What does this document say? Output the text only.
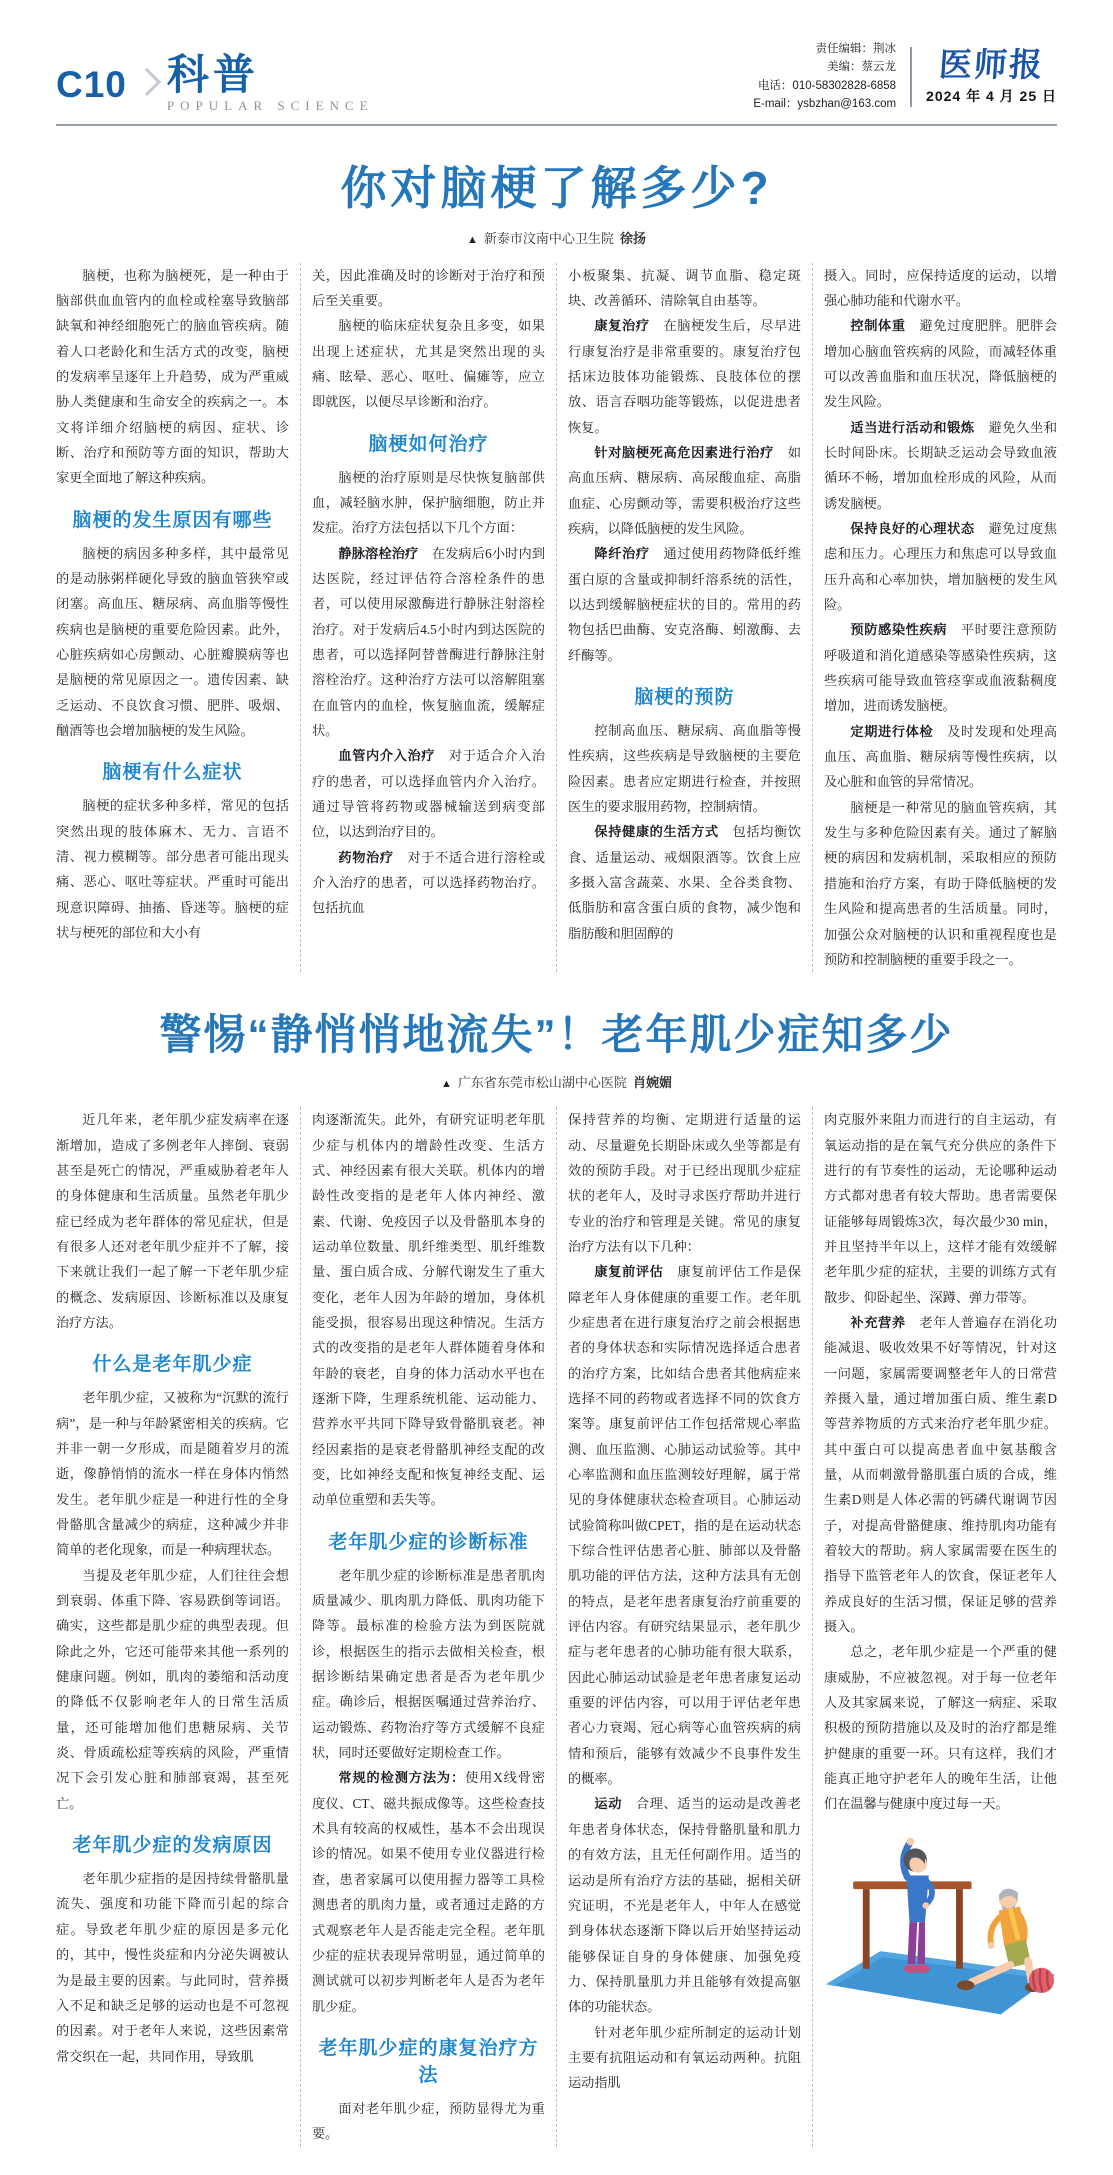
C10 科普
POPULAR SCIENCE
责任编辑：荆冰
美编：蔡云龙
电话：010-58302828-6858
E-mail：ysbzhan@163.com
医师报
2024 年 4 月 25 日
你对脑梗了解多少?
▲ 新泰市汶南中心卫生院 徐扬

脑梗，也称为脑梗死，是一种由于脑部供血血管内的血栓或栓塞导致脑部缺氧和神经细胞死亡的脑血管疾病。随着人口老龄化和生活方式的改变，脑梗的发病率呈逐年上升趋势，成为严重威胁人类健康和生命安全的疾病之一。本文将详细介绍脑梗的病因、症状、诊断、治疗和预防等方面的知识，帮助大家更全面地了解这种疾病。

脑梗的发生原因有哪些

脑梗的病因多种多样，其中最常见的是动脉粥样硬化导致的脑血管狭窄或闭塞。高血压、糖尿病、高血脂等慢性疾病也是脑梗的重要危险因素。此外，心脏疾病如心房颤动、心脏瓣膜病等也是脑梗的常见原因之一。遗传因素、缺乏运动、不良饮食习惯、肥胖、吸烟、酗酒等也会增加脑梗的发生风险。

脑梗有什么症状

脑梗的症状多种多样，常见的包括突然出现的肢体麻木、无力、言语不清、视力模糊等。部分患者可能出现头痛、恶心、呕吐等症状。严重时可能出现意识障碍、抽搐、昏迷等。脑梗的症状与梗死的部位和大小有

关，因此准确及时的诊断对于治疗和预后至关重要。

脑梗的临床症状复杂且多变，如果出现上述症状，尤其是突然出现的头痛、眩晕、恶心、呕吐、偏瘫等，应立即就医，以便尽早诊断和治疗。

脑梗如何治疗

脑梗的治疗原则是尽快恢复脑部供血，减轻脑水肿，保护脑细胞，防止并发症。治疗方法包括以下几个方面：

静脉溶栓治疗　在发病后6小时内到达医院，经过评估符合溶栓条件的患者，可以使用尿激酶进行静脉注射溶栓治疗。对于发病后4.5小时内到达医院的患者，可以选择阿替普酶进行静脉注射溶栓治疗。这种治疗方法可以溶解阻塞在血管内的血栓，恢复脑血流，缓解症状。

血管内介入治疗　对于适合介入治疗的患者，可以选择血管内介入治疗。通过导管将药物或器械输送到病变部位，以达到治疗目的。

药物治疗　对于不适合进行溶栓或介入治疗的患者，可以选择药物治疗。包括抗血

小板聚集、抗凝、调节血脂、稳定斑块、改善循环、清除氧自由基等。

康复治疗　在脑梗发生后，尽早进行康复治疗是非常重要的。康复治疗包括床边肢体功能锻炼、良肢体位的摆放、语言吞咽功能等锻炼，以促进患者恢复。

针对脑梗死高危因素进行治疗　如高血压病、糖尿病、高尿酸血症、高脂血症、心房颤动等，需要积极治疗这些疾病，以降低脑梗的发生风险。

降纤治疗　通过使用药物降低纤维蛋白原的含量或抑制纤溶系统的活性，以达到缓解脑梗症状的目的。常用的药物包括巴曲酶、安克洛酶、蚓激酶、去纤酶等。

脑梗的预防

控制高血压、糖尿病、高血脂等慢性疾病，这些疾病是导致脑梗的主要危险因素。患者应定期进行检查，并按照医生的要求服用药物，控制病情。

保持健康的生活方式　包括均衡饮食、适量运动、戒烟限酒等。饮食上应多摄入富含蔬菜、水果、全谷类食物、低脂肪和富含蛋白质的食物，减少饱和脂肪酸和胆固醇的

摄入。同时，应保持适度的运动，以增强心肺功能和代谢水平。

控制体重　避免过度肥胖。肥胖会增加心脑血管疾病的风险，而减轻体重可以改善血脂和血压状况，降低脑梗的发生风险。

适当进行活动和锻炼　避免久坐和长时间卧床。长期缺乏运动会导致血液循环不畅，增加血栓形成的风险，从而诱发脑梗。

保持良好的心理状态　避免过度焦虑和压力。心理压力和焦虑可以导致血压升高和心率加快，增加脑梗的发生风险。

预防感染性疾病　平时要注意预防呼吸道和消化道感染等感染性疾病，这些疾病可能导致血管痉挛或血液黏稠度增加，进而诱发脑梗。

定期进行体检　及时发现和处理高血压、高血脂、糖尿病等慢性疾病，以及心脏和血管的异常情况。

脑梗是一种常见的脑血管疾病，其发生与多种危险因素有关。通过了解脑梗的病因和发病机制，采取相应的预防措施和治疗方案，有助于降低脑梗的发生风险和提高患者的生活质量。同时，加强公众对脑梗的认识和重视程度也是预防和控制脑梗的重要手段之一。

警惕“静悄悄地流失”！老年肌少症知多少
▲ 广东省东莞市松山湖中心医院 肖婉媚

近几年来，老年肌少症发病率在逐渐增加，造成了多例老年人摔倒、衰弱甚至是死亡的情况，严重威胁着老年人的身体健康和生活质量。虽然老年肌少症已经成为老年群体的常见症状，但是有很多人还对老年肌少症并不了解，接下来就让我们一起了解一下老年肌少症的概念、发病原因、诊断标准以及康复治疗方法。

什么是老年肌少症

老年肌少症，又被称为“沉默的流行病”，是一种与年龄紧密相关的疾病。它并非一朝一夕形成，而是随着岁月的流逝，像静悄悄的流水一样在身体内悄然发生。老年肌少症是一种进行性的全身骨骼肌含量减少的病症，这种减少并非简单的老化现象，而是一种病理状态。

当提及老年肌少症，人们往往会想到衰弱、体重下降、容易跌倒等词语。确实，这些都是肌少症的典型表现。但除此之外，它还可能带来其他一系列的健康问题。例如，肌肉的萎缩和活动度的降低不仅影响老年人的日常生活质量，还可能增加他们患糖尿病、关节炎、骨质疏松症等疾病的风险，严重情况下会引发心脏和肺部衰竭，甚至死亡。

老年肌少症的发病原因

老年肌少症指的是因持续骨骼肌量流失、强度和功能下降而引起的综合症。导致老年肌少症的原因是多元化的，其中，慢性炎症和内分泌失调被认为是最主要的因素。与此同时，营养摄入不足和缺乏足够的运动也是不可忽视的因素。对于老年人来说，这些因素常常交织在一起，共同作用，导致肌

肉逐渐流失。此外，有研究证明老年肌少症与机体内的增龄性改变、生活方式、神经因素有很大关联。机体内的增龄性改变指的是老年人体内神经、激素、代谢、免疫因子以及骨骼肌本身的运动单位数量、肌纤维类型、肌纤维数量、蛋白质合成、分解代谢发生了重大变化，老年人因为年龄的增加，身体机能受损，很容易出现这种情况。生活方式的改变指的是老年人群体随着身体和年龄的衰老，自身的体力活动水平也在逐渐下降，生理系统机能、运动能力、营养水平共同下降导致骨骼肌衰老。神经因素指的是衰老骨骼肌神经支配的改变，比如神经支配和恢复神经支配、运动单位重塑和丢失等。

老年肌少症的诊断标准

老年肌少症的诊断标准是患者肌肉质量减少、肌肉肌力降低、肌肉功能下降等。最标准的检验方法为到医院就诊，根据医生的指示去做相关检查，根据诊断结果确定患者是否为老年肌少症。确诊后，根据医嘱通过营养治疗、运动锻炼、药物治疗等方式缓解不良症状，同时还要做好定期检查工作。

常规的检测方法为：使用X线骨密度仪、CT、磁共振成像等。这些检查技术具有较高的权威性，基本不会出现误诊的情况。如果不使用专业仪器进行检查，患者家属可以使用握力器等工具检测患者的肌肉力量，或者通过走路的方式观察老年人是否能走完全程。老年肌少症的症状表现异常明显，通过简单的测试就可以初步判断老年人是否为老年肌少症。

老年肌少症的康复治疗方法

面对老年肌少症，预防显得尤为重要。

保持营养的均衡、定期进行适量的运动、尽量避免长期卧床或久坐等都是有效的预防手段。对于已经出现肌少症症状的老年人，及时寻求医疗帮助并进行专业的治疗和管理是关键。常见的康复治疗方法有以下几种：

康复前评估　康复前评估工作是保障老年人身体健康的重要工作。老年肌少症患者在进行康复治疗之前会根据患者的身体状态和实际情况选择适合患者的治疗方案，比如结合患者其他病症来选择不同的药物或者选择不同的饮食方案等。康复前评估工作包括常规心率监测、血压监测、心肺运动试验等。其中心率监测和血压监测较好理解，属于常见的身体健康状态检查项目。心肺运动试验简称叫做CPET，指的是在运动状态下综合性评估患者心脏、肺部以及骨骼肌功能的评估方法，这种方法具有无创的特点，是老年患者康复治疗前重要的评估内容。有研究结果显示，老年肌少症与老年患者的心肺功能有很大联系，因此心肺运动试验是老年患者康复运动重要的评估内容，可以用于评估老年患者心力衰竭、冠心病等心血管疾病的病情和预后，能够有效减少不良事件发生的概率。

运动　合理、适当的运动是改善老年患者身体状态，保持骨骼肌量和肌力的有效方法，且无任何副作用。适当的运动是所有治疗方法的基础，据相关研究证明，不光是老年人，中年人在感觉到身体状态逐渐下降以后开始坚持运动能够保证自身的身体健康、加强免疫力、保持肌量肌力并且能够有效提高躯体的功能状态。

针对老年肌少症所制定的运动计划主要有抗阻运动和有氧运动两种。抗阻运动指肌

肉克服外来阻力而进行的自主运动，有氧运动指的是在氧气充分供应的条件下进行的有节奏性的运动，无论哪种运动方式都对患者有较大帮助。患者需要保证能够每周锻炼3次，每次最少30 min，并且坚持半年以上，这样才能有效缓解老年肌少症的症状，主要的训练方式有散步、仰卧起坐、深蹲、弹力带等。

补充营养　老年人普遍存在消化功能减退、吸收效果不好等情况，针对这一问题，家属需要调整老年人的日常营养摄入量，通过增加蛋白质、维生素D等营养物质的方式来治疗老年肌少症。其中蛋白可以提高患者血中氨基酸含量，从而刺激骨骼肌蛋白质的合成，维生素D则是人体必需的钙磷代谢调节因子，对提高骨骼健康、维持肌肉功能有着较大的帮助。病人家属需要在医生的指导下监管老年人的饮食，保证老年人养成良好的生活习惯，保证足够的营养摄入。

总之，老年肌少症是一个严重的健康威胁，不应被忽视。对于每一位老年人及其家属来说，了解这一病症、采取积极的预防措施以及及时的治疗都是维护健康的重要一环。只有这样，我们才能真正地守护老年人的晚年生活，让他们在温馨与健康中度过每一天。
